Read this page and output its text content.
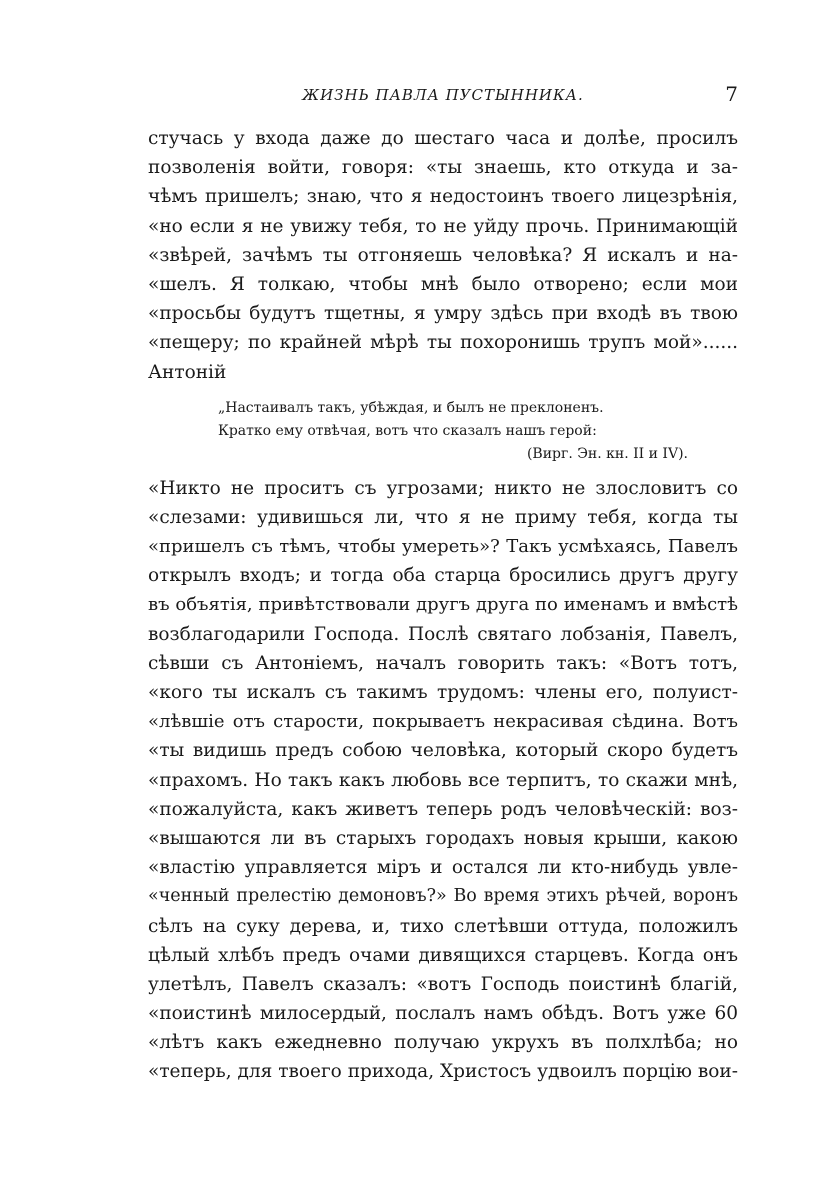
ЖИЗНЬ ПАВЛА ПУСТЫННИКА.	7
стучась у входа даже до шестаго часа и долѣе, просилъ
позволенія войти, говоря: «ты знаешь, кто откуда и за-
чѣмъ пришелъ; знаю, что я недостоинъ твоего лицезрѣнія,
«но если я не увижу тебя, то не уйду прочь. Принимающій
«звѣрей, зачѣмъ ты отгоняешь человѣка? Я искалъ и на-
«шелъ. Я толкаю, чтобы мнѣ было отворено; если мои
«просьбы будутъ тщетны, я умру здѣсь при входѣ въ твою
«пещеру; по крайней мѣрѣ ты похоронишь трупъ мой»......
Антоній
„Настаивалъ такъ, убѣждая, и былъ не преклоненъ.
Кратко ему отвѣчая, вотъ что сказалъ нашъ герой:
(Вирг. Эн. кн. II и IV).
«Никто не проситъ съ угрозами; никто не злословитъ со
«слезами: удивишься ли, что я не приму тебя, когда ты
«пришелъ съ тѣмъ, чтобы умереть»? Такъ усмѣхаясь, Павелъ
открылъ входъ; и тогда оба старца бросились другъ другу
въ объятія, привѣтствовали другъ друга по именамъ и вмѣстѣ
возблагодарили Господа. Послѣ святаго лобзанія, Павелъ,
сѣвши съ Антоніемъ, началъ говорить такъ: «Вотъ тотъ,
«кого ты искалъ съ такимъ трудомъ: члены его, полуист-
«лѣвшіе отъ старости, покрываетъ некрасивая сѣдина. Вотъ
«ты видишь предъ собою человѣка, который скоро будетъ
«прахомъ. Но такъ какъ любовь все терпитъ, то скажи мнѣ,
«пожалуйста, какъ живетъ теперь родъ человѣческій: воз-
«вышаются ли въ старыхъ городахъ новыя крыши, какою
«властію управляется міръ и остался ли кто-нибудь увле-
«ченный прелестію демоновъ?» Во время этихъ рѣчей, воронъ
сѣлъ на суку дерева, и, тихо слетѣвши оттуда, положилъ
цѣлый хлѣбъ предъ очами дивящихся старцевъ. Когда онъ
улетѣлъ, Павелъ сказалъ: «вотъ Господь поистинѣ благій,
«поистинѣ милосердый, послалъ намъ обѣдъ. Вотъ уже 60
«лѣтъ какъ ежедневно получаю укрухъ въ полхлѣба; но
«теперь, для твоего прихода, Христосъ удвоилъ порцію вои-
